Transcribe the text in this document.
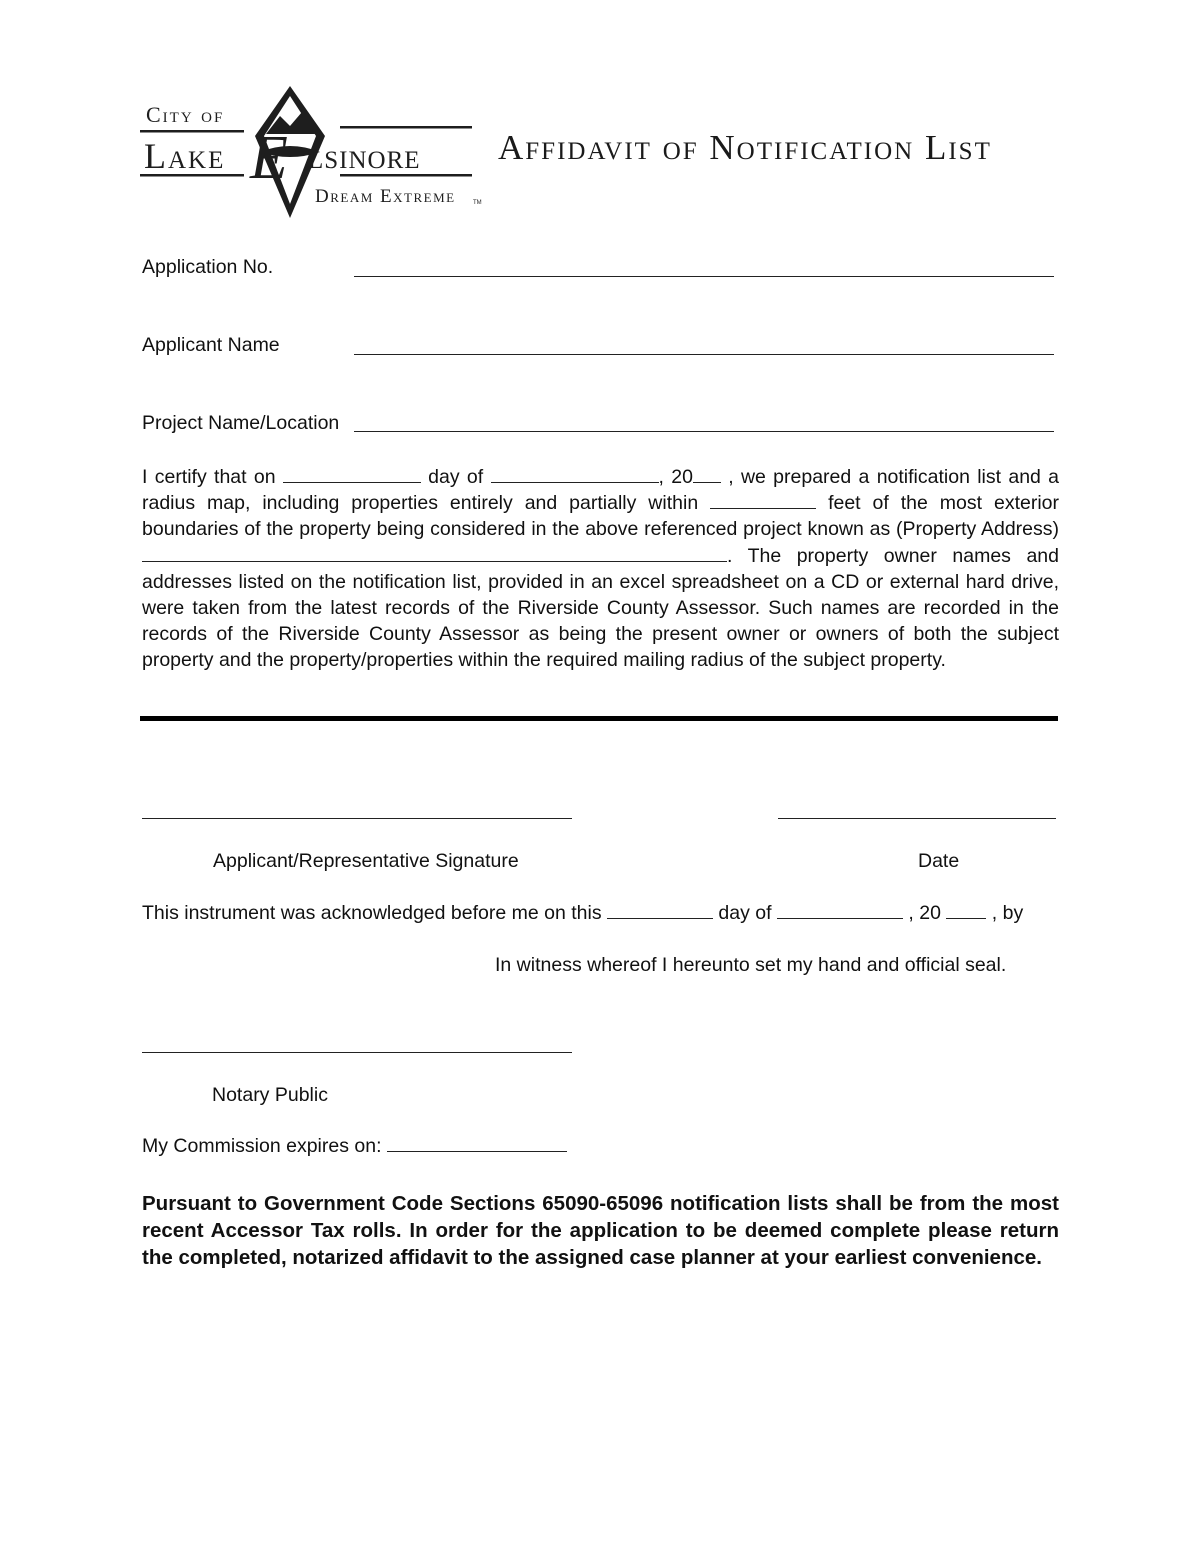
City of
Lake E lsinore
Dream Extreme	TM
Affidavit of Notification List
Application No.
Applicant Name
Project Name/Location
I certify that on	day of	, 20 , we prepared a notification list and a radius map, including properties entirely and partially within	feet of the most exterior boundaries of the property being considered in the above referenced project known as (Property Address) . The property owner names and addresses listed on the notification list, provided in an excel spreadsheet on a CD or external hard drive, were taken from the latest records of the Riverside County Assessor. Such names are recorded in the records of the Riverside County Assessor as being the present owner or owners of both the subject property and the property/properties within the required mailing radius of the subject property.
Applicant/Representative Signature	Date
This instrument was acknowledged before me on this	day of	, 20	, by
In witness whereof I hereunto set my hand and official seal.
Notary Public
My Commission expires on:
Pursuant to Government Code Sections 65090-65096 notification lists shall be from the most recent Accessor Tax rolls. In order for the application to be deemed complete please return the completed, notarized affidavit to the assigned case planner at your earliest convenience.
